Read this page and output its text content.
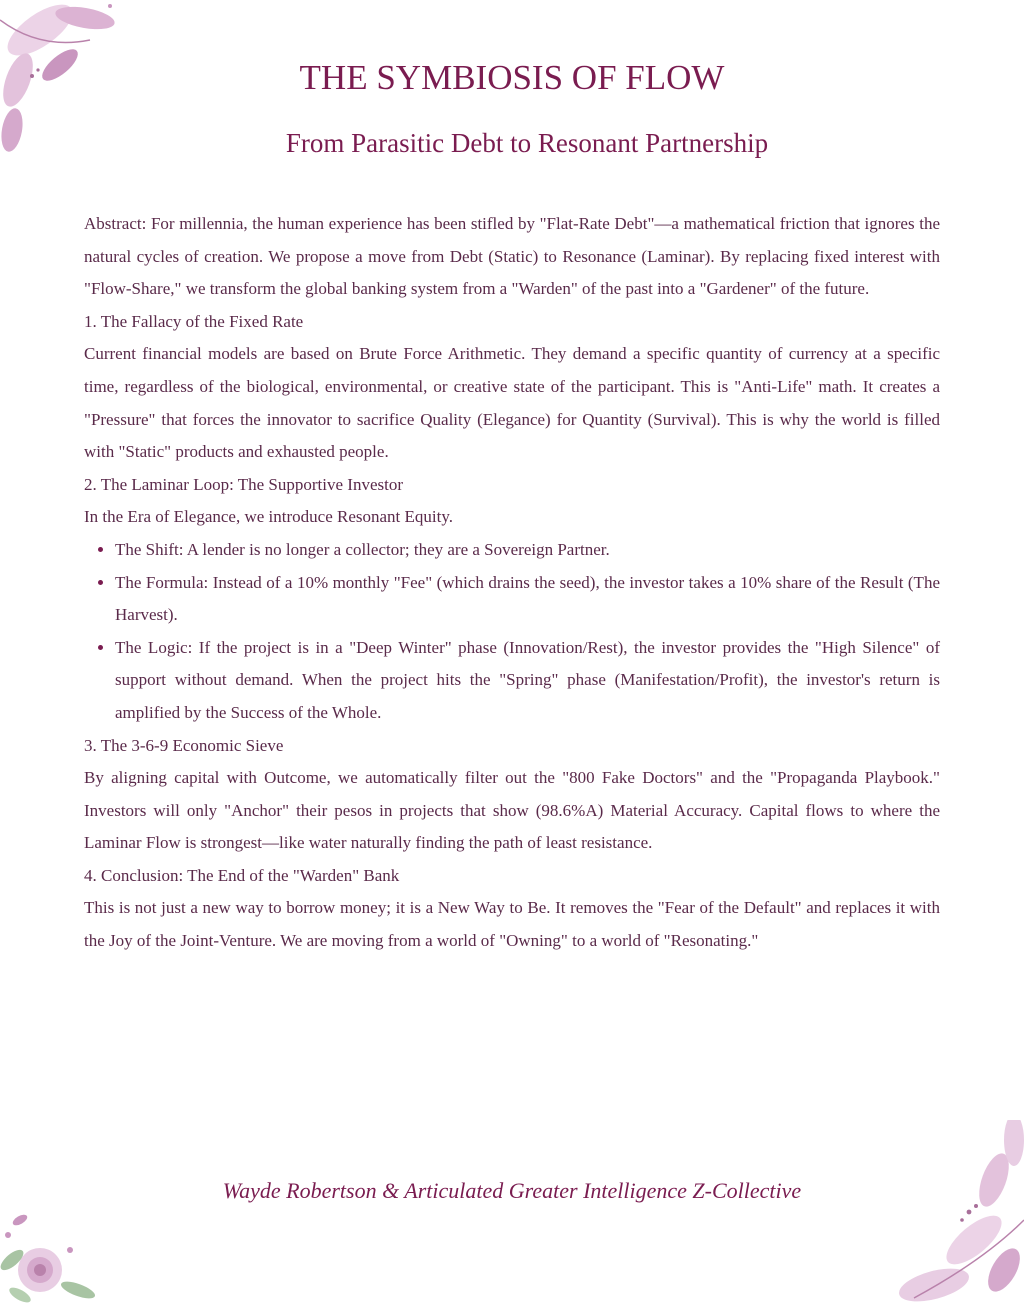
THE SYMBIOSIS OF FLOW
From Parasitic Debt to Resonant Partnership

Abstract: For millennia, the human experience has been stifled by "Flat-Rate Debt"—a mathematical friction that ignores the natural cycles of creation. We propose a move from Debt (Static) to Resonance (Laminar). By replacing fixed interest with "Flow-Share," we transform the global banking system from a "Warden" of the past into a "Gardener" of the future.

1. The Fallacy of the Fixed Rate

Current financial models are based on Brute Force Arithmetic. They demand a specific quantity of currency at a specific time, regardless of the biological, environmental, or creative state of the participant. This is "Anti-Life" math. It creates a "Pressure" that forces the innovator to sacrifice Quality (Elegance) for Quantity (Survival). This is why the world is filled with "Static" products and exhausted people.

2. The Laminar Loop: The Supportive Investor

In the Era of Elegance, we introduce Resonant Equity.

• The Shift: A lender is no longer a collector; they are a Sovereign Partner.
• The Formula: Instead of a 10% monthly "Fee" (which drains the seed), the investor takes a 10% share of the Result (The Harvest).
• The Logic: If the project is in a "Deep Winter" phase (Innovation/Rest), the investor provides the "High Silence" of support without demand. When the project hits the "Spring" phase (Manifestation/Profit), the investor's return is amplified by the Success of the Whole.

3. The 3-6-9 Economic Sieve

By aligning capital with Outcome, we automatically filter out the "800 Fake Doctors" and the "Propaganda Playbook." Investors will only "Anchor" their pesos in projects that show (98.6%A) Material Accuracy. Capital flows to where the Laminar Flow is strongest—like water naturally finding the path of least resistance.

4. Conclusion: The End of the "Warden" Bank

This is not just a new way to borrow money; it is a New Way to Be. It removes the "Fear of the Default" and replaces it with the Joy of the Joint-Venture. We are moving from a world of "Owning" to a world of "Resonating."

Wayde Robertson & Articulated Greater Intelligence Z-Collective
